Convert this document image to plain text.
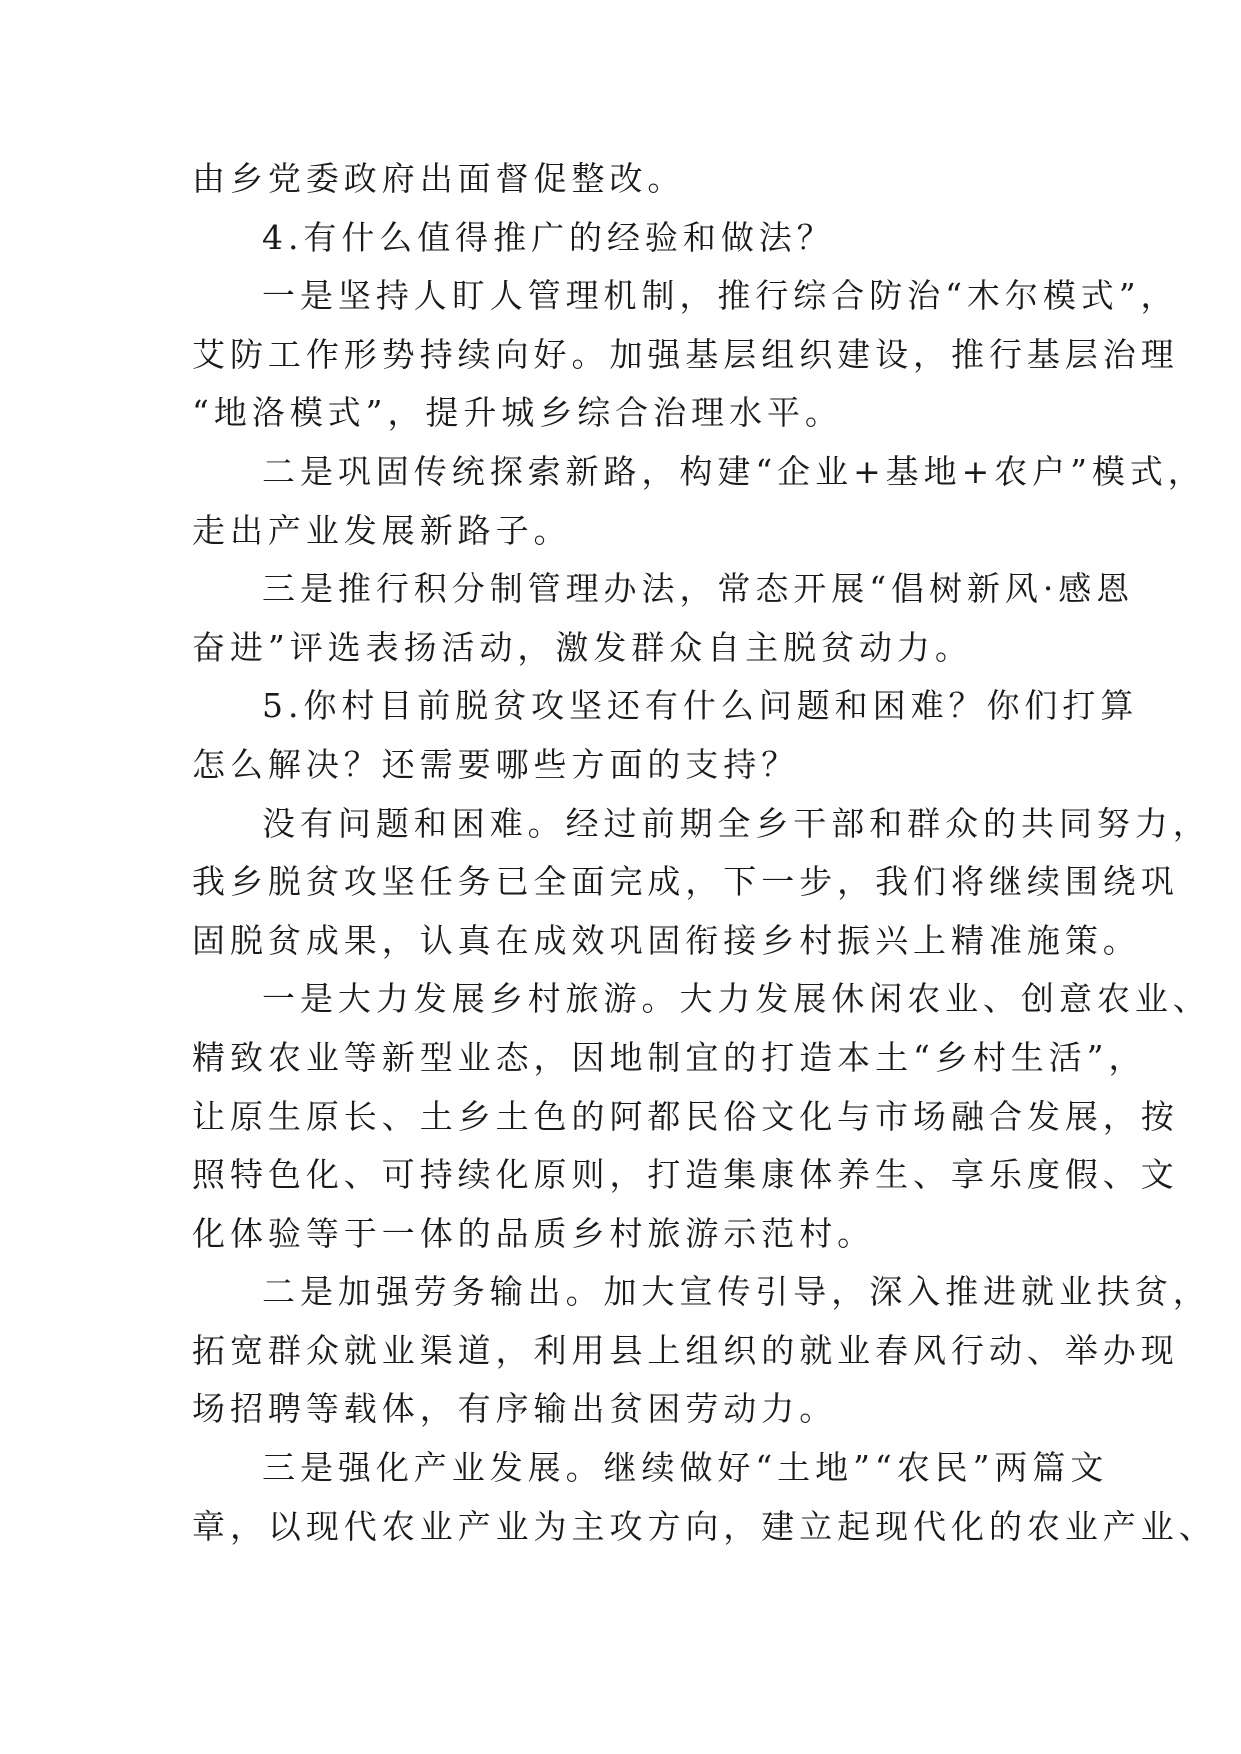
由乡党委政府出面督促整改。
4.有什么值得推广的经验和做法？
一是坚持人盯人管理机制，推行综合防治“木尔模式”，
艾防工作形势持续向好。加强基层组织建设，推行基层治理
“地洛模式”，提升城乡综合治理水平。
二是巩固传统探索新路，构建“企业+基地+农户”模式，
走出产业发展新路子。
三是推行积分制管理办法，常态开展“倡树新风·感恩
奋进”评选表扬活动，激发群众自主脱贫动力。
5.你村目前脱贫攻坚还有什么问题和困难？你们打算
怎么解决？还需要哪些方面的支持？
没有问题和困难。经过前期全乡干部和群众的共同努力，
我乡脱贫攻坚任务已全面完成，下一步，我们将继续围绕巩
固脱贫成果，认真在成效巩固衔接乡村振兴上精准施策。
一是大力发展乡村旅游。大力发展休闲农业、创意农业、
精致农业等新型业态，因地制宜的打造本土“乡村生活”，
让原生原长、土乡土色的阿都民俗文化与市场融合发展，按
照特色化、可持续化原则，打造集康体养生、享乐度假、文
化体验等于一体的品质乡村旅游示范村。
二是加强劳务输出。加大宣传引导，深入推进就业扶贫，
拓宽群众就业渠道，利用县上组织的就业春风行动、举办现
场招聘等载体，有序输出贫困劳动力。
三是强化产业发展。继续做好“土地”“农民”两篇文
章，以现代农业产业为主攻方向，建立起现代化的农业产业、
